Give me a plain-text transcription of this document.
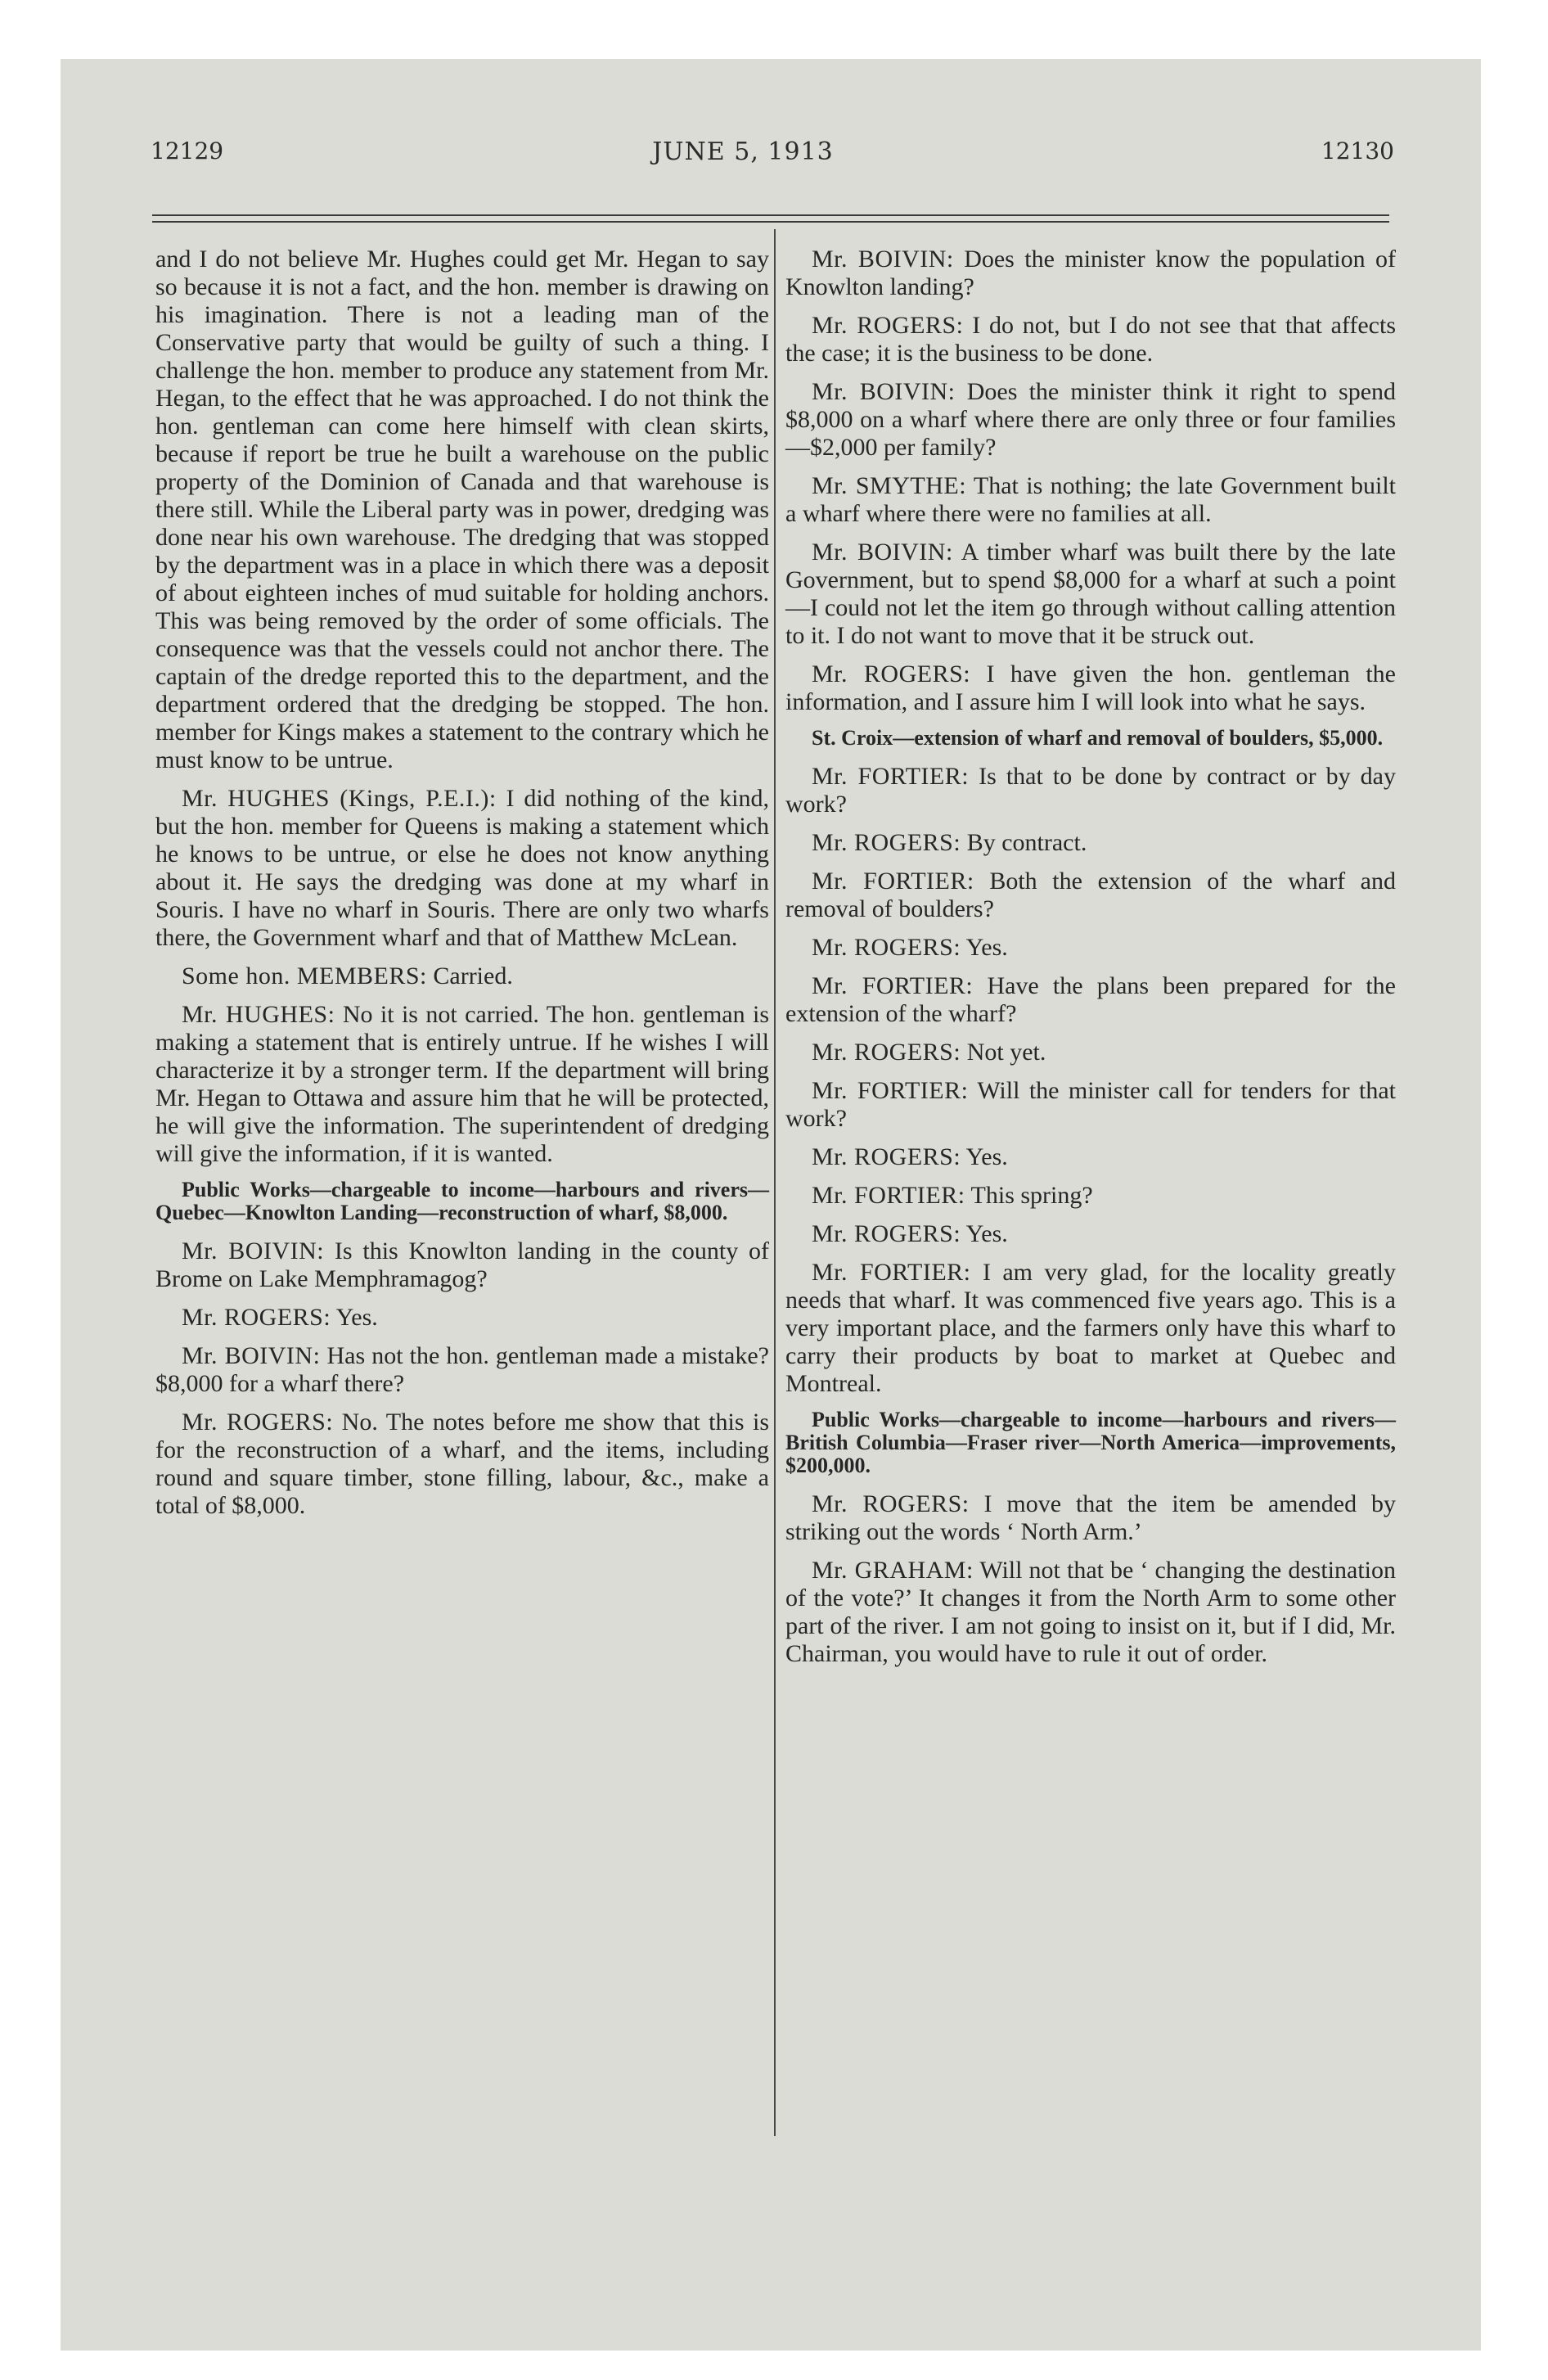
12129	JUNE 5, 1913	12130

and I do not believe Mr. Hughes could get Mr. Hegan to say so because it is not a fact, and the hon. member is drawing on his imagination. There is not a leading man of the Conservative party that would be guilty of such a thing. I challenge the hon. member to produce any statement from Mr. Hegan, to the effect that he was approached. I do not think the hon. gentleman can come here himself with clean skirts, because if report be true he built a warehouse on the public property of the Dominion of Canada and that warehouse is there still. While the Liberal party was in power, dredging was done near his own warehouse. The dredging that was stopped by the department was in a place in which there was a deposit of about eighteen inches of mud suitable for holding anchors. This was being removed by the order of some officials. The consequence was that the vessels could not anchor there. The captain of the dredge reported this to the department, and the department ordered that the dredging be stopped. The hon. member for Kings makes a statement to the contrary which he must know to be untrue.

Mr. HUGHES (Kings, P.E.I.): I did nothing of the kind, but the hon. member for Queens is making a statement which he knows to be untrue, or else he does not know anything about it. He says the dredging was done at my wharf in Souris. I have no wharf in Souris. There are only two wharfs there, the Government wharf and that of Matthew McLean.

Some hon. MEMBERS: Carried.

Mr. HUGHES: No it is not carried. The hon. gentleman is making a statement that is entirely untrue. If he wishes I will characterize it by a stronger term. If the department will bring Mr. Hegan to Ottawa and assure him that he will be protected, he will give the information. The superintendent of dredging will give the information, if it is wanted.

Public Works—chargeable to income—harbours and rivers—Quebec—Knowlton Landing—reconstruction of wharf, $8,000.

Mr. BOIVIN: Is this Knowlton landing in the county of Brome on Lake Memphramagog?

Mr. ROGERS: Yes.

Mr. BOIVIN: Has not the hon. gentleman made a mistake? $8,000 for a wharf there?

Mr. ROGERS: No. The notes before me show that this is for the reconstruction of a wharf, and the items, including round and square timber, stone filling, labour, &c., make a total of $8,000.

Mr. BOIVIN: Does the minister know the population of Knowlton landing?

Mr. ROGERS: I do not, but I do not see that that affects the case; it is the business to be done.

Mr. BOIVIN: Does the minister think it right to spend $8,000 on a wharf where there are only three or four families—$2,000 per family?

Mr. SMYTHE: That is nothing; the late Government built a wharf where there were no families at all.

Mr. BOIVIN: A timber wharf was built there by the late Government, but to spend $8,000 for a wharf at such a point—I could not let the item go through without calling attention to it. I do not want to move that it be struck out.

Mr. ROGERS: I have given the hon. gentleman the information, and I assure him I will look into what he says.

St. Croix—extension of wharf and removal of boulders, $5,000.

Mr. FORTIER: Is that to be done by contract or by day work?

Mr. ROGERS: By contract.

Mr. FORTIER: Both the extension of the wharf and removal of boulders?

Mr. ROGERS: Yes.

Mr. FORTIER: Have the plans been prepared for the extension of the wharf?

Mr. ROGERS: Not yet.

Mr. FORTIER: Will the minister call for tenders for that work?

Mr. ROGERS: Yes.

Mr. FORTIER: This spring?

Mr. ROGERS: Yes.

Mr. FORTIER: I am very glad, for the locality greatly needs that wharf. It was commenced five years ago. This is a very important place, and the farmers only have this wharf to carry their products by boat to market at Quebec and Montreal.

Public Works—chargeable to income—harbours and rivers—British Columbia—Fraser river—North America—improvements, $200,000.

Mr. ROGERS: I move that the item be amended by striking out the words ‘ North Arm.’

Mr. GRAHAM: Will not that be ‘ changing the destination of the vote?’ It changes it from the North Arm to some other part of the river. I am not going to insist on it, but if I did, Mr. Chairman, you would have to rule it out of order.
